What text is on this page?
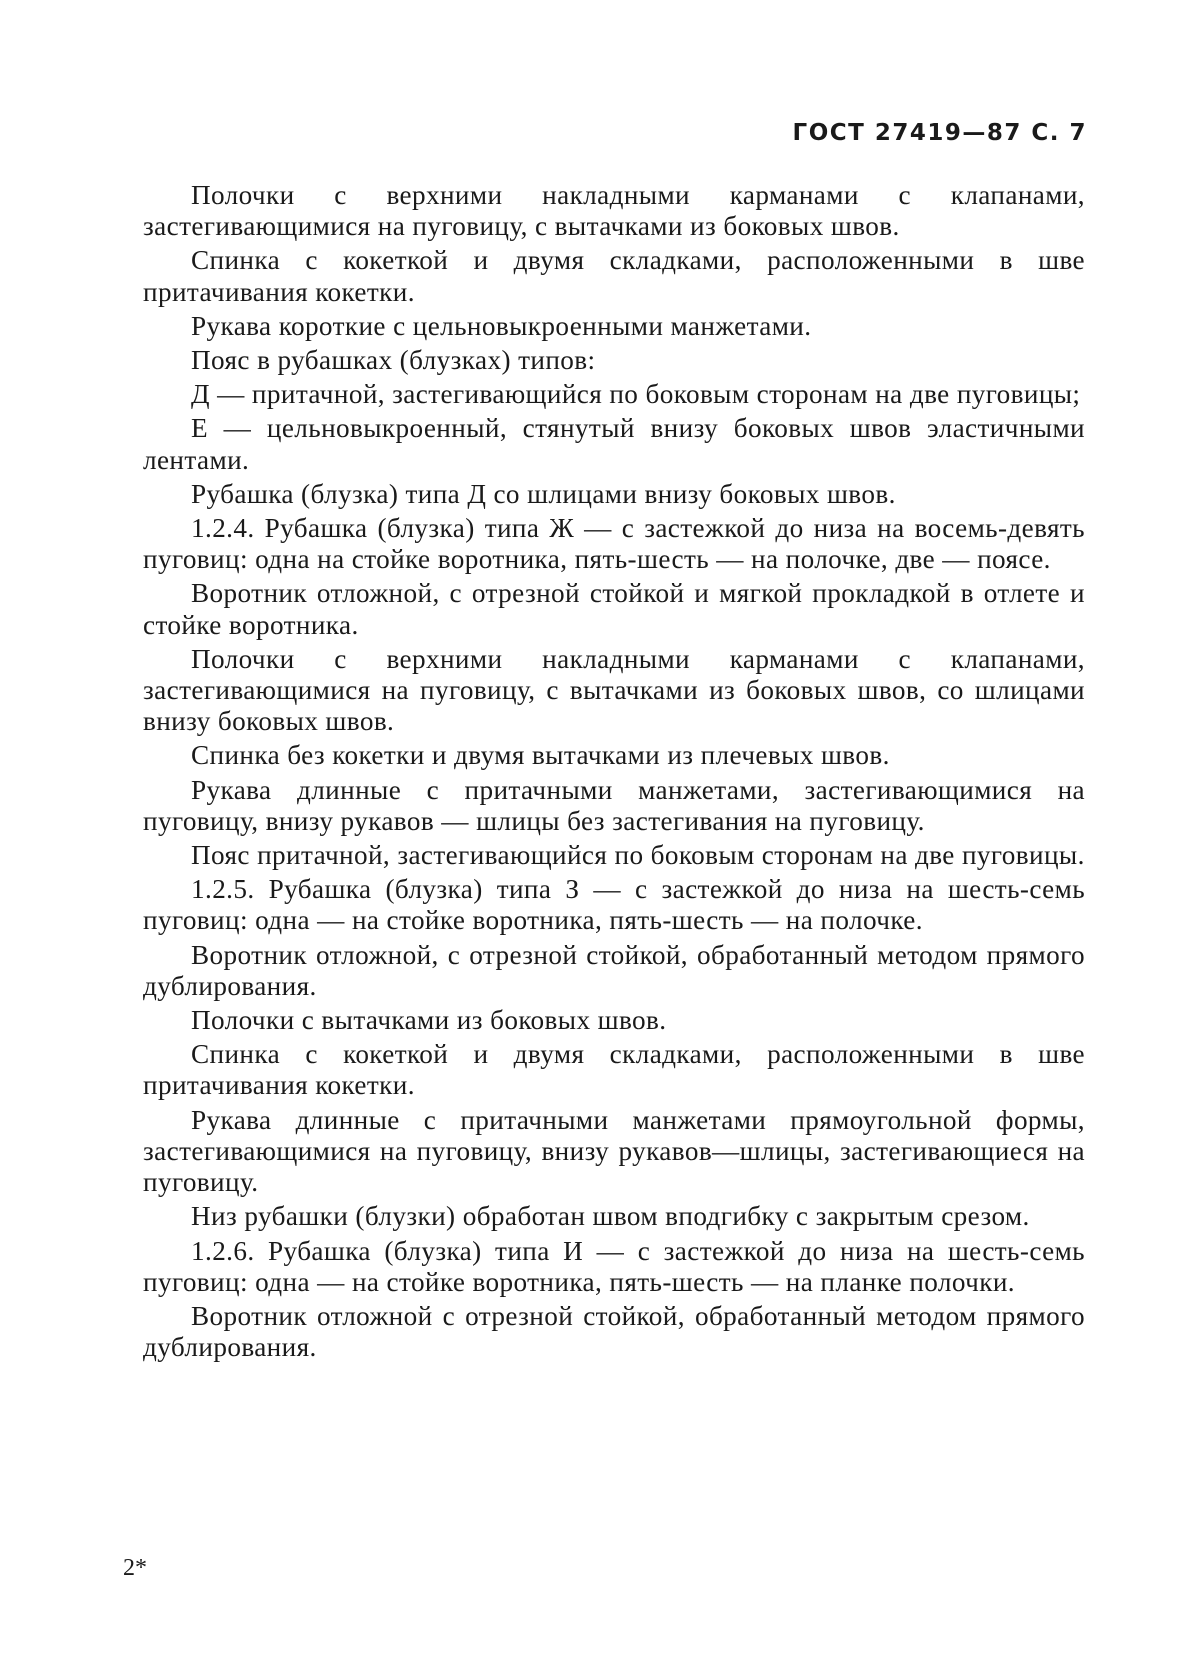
ГОСТ 27419—87 С. 7

Полочки с верхними накладными карманами с клапанами, застегивающимися на пуговицу, с вытачками из боковых швов.

Спинка с кокеткой и двумя складками, расположенными в шве притачивания кокетки.

Рукава короткие с цельновыкроенными манжетами.

Пояс в рубашках (блузках) типов:

Д — притачной, застегивающийся по боковым сторонам на две пуговицы;

Е — цельновыкроенный, стянутый внизу боковых швов эластичными лентами.

Рубашка (блузка) типа Д со шлицами внизу боковых швов.

1.2.4. Рубашка (блузка) типа Ж — с застежкой до низа на восемь-девять пуговиц: одна на стойке воротника, пять-шесть — на полочке, две — поясе.

Воротник отложной, с отрезной стойкой и мягкой прокладкой в отлете и стойке воротника.

Полочки с верхними накладными карманами с клапанами, застегивающимися на пуговицу, с вытачками из боковых швов, со шлицами внизу боковых швов.

Спинка без кокетки и двумя вытачками из плечевых швов.

Рукава длинные с притачными манжетами, застегивающимися на пуговицу, внизу рукавов — шлицы без застегивания на пуговицу.

Пояс притачной, застегивающийся по боковым сторонам на две пуговицы.

1.2.5. Рубашка (блузка) типа З — с застежкой до низа на шесть-семь пуговиц: одна — на стойке воротника, пять-шесть — на полочке.

Воротник отложной, с отрезной стойкой, обработанный методом прямого дублирования.

Полочки с вытачками из боковых швов.

Спинка с кокеткой и двумя складками, расположенными в шве притачивания кокетки.

Рукава длинные с притачными манжетами прямоугольной формы, застегивающимися на пуговицу, внизу рукавов—шлицы, застегивающиеся на пуговицу.

Низ рубашки (блузки) обработан швом вподгибку с закрытым срезом.

1.2.6. Рубашка (блузка) типа И — с застежкой до низа на шесть-семь пуговиц: одна — на стойке воротника, пять-шесть — на планке полочки.

Воротник отложной с отрезной стойкой, обработанный методом прямого дублирования.

2*
